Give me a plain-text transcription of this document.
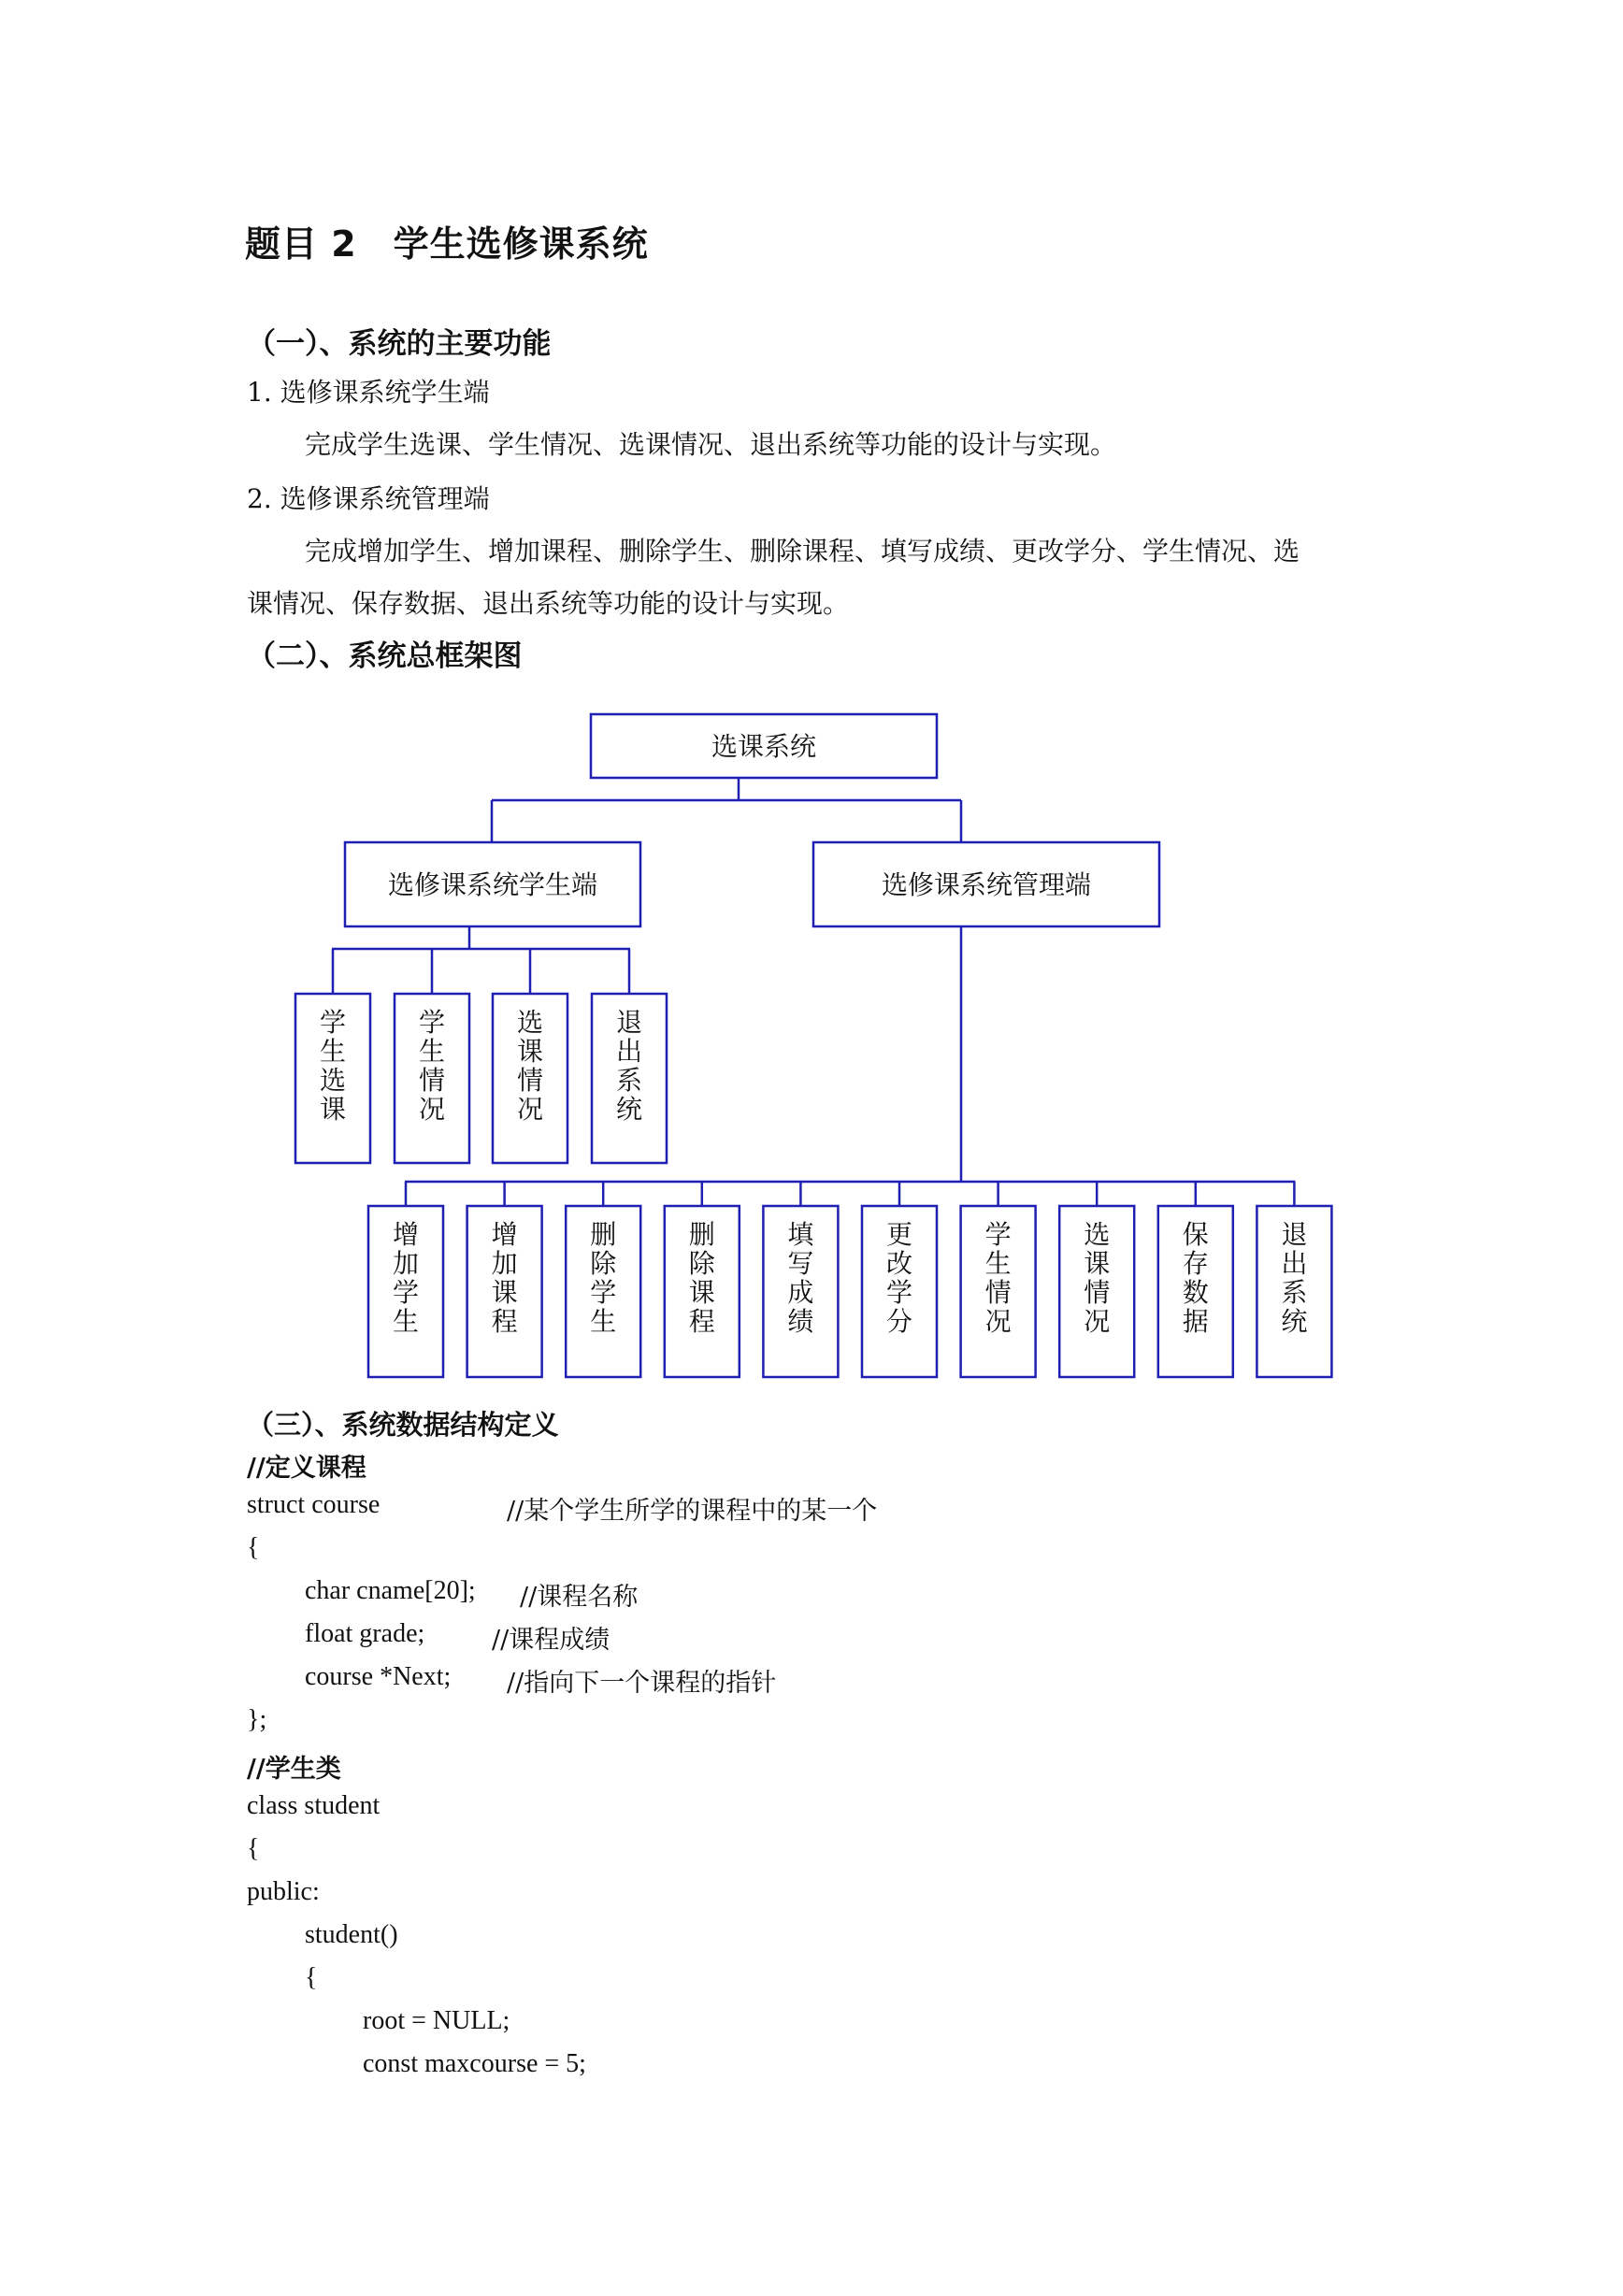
题目 2　学生选修课系统
（一）、系统的主要功能
1. 选修课系统学生端
完成学生选课、学生情况、选课情况、退出系统等功能的设计与实现。
2. 选修课系统管理端
完成增加学生、增加课程、删除学生、删除课程、填写成绩、更改学分、学生情况、选
课情况、保存数据、退出系统等功能的设计与实现。
（二）、系统总框架图
选课系统
选修课系统学生端	选修课系统管理端
学生选课
学生情况
选课情况
退出系统
增加学生
增加课程
删除学生
删除课程
填写成绩
更改学分
学生情况
选课情况
保存数据
退出系统
（三）、系统数据结构定义
//定义课程
struct course	//某个学生所学的课程中的某一个
{
char cname[20]; //课程名称
float grade;	//课程成绩
course *Next; //指向下一个课程的指针
};
//学生类
class student
{
public:
student()
{
root = NULL;
const maxcourse = 5;
